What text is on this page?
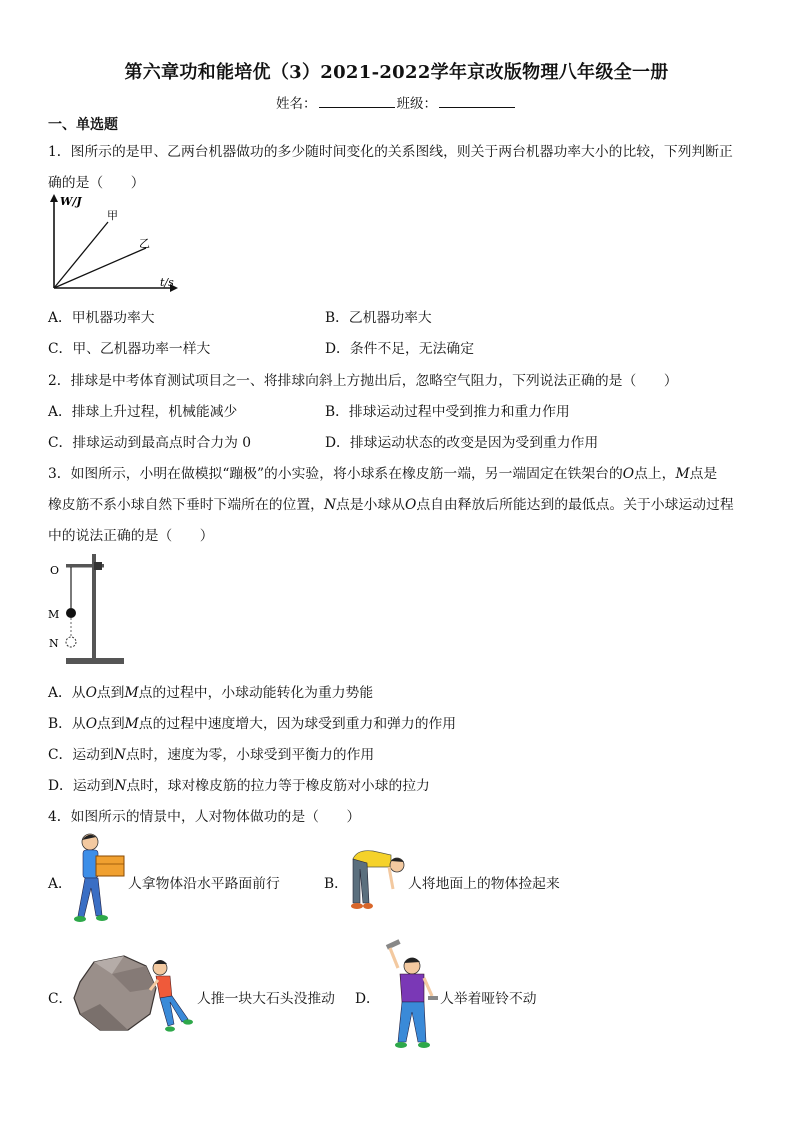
第六章功和能培优（3）2021-2022学年京改版物理八年级全一册
姓名：	班级：
一、单选题
1．图所示的是甲、乙两台机器做功的多少随时间变化的关系图线，则关于两台机器功率大小的比较，下列判断正
确的是（　　）
W/J
t/s
甲
乙
A．甲机器功率大	B．乙机器功率大
C．甲、乙机器功率一样大	D．条件不足，无法确定
2．排球是中考体育测试项目之一、将排球向斜上方抛出后，忽略空气阻力，下列说法正确的是（　　）
A．排球上升过程，机械能减少	B．排球运动过程中受到推力和重力作用
C．排球运动到最高点时合力为 0	D．排球运动状态的改变是因为受到重力作用
3．如图所示，小明在做模拟“蹦极”的小实验，将小球系在橡皮筋一端，另一端固定在铁架台的O点上，M点是
橡皮筋不系小球自然下垂时下端所在的位置，N点是小球从O点自由释放后所能达到的最低点。关于小球运动过程
中的说法正确的是（　　）
O
M
N
A．从O点到M点的过程中，小球动能转化为重力势能
B．从O点到M点的过程中速度增大，因为球受到重力和弹力的作用
C．运动到N点时，速度为零，小球受到平衡力的作用
D．运动到N点时，球对橡皮筋的拉力等于橡皮筋对小球的拉力
4．如图所示的情景中，人对物体做功的是（　　）
A．	人拿物体沿水平路面前行	B．	人将地面上的物体捡起来
C．	人推一块大石头没推动 D．	人举着哑铃不动
